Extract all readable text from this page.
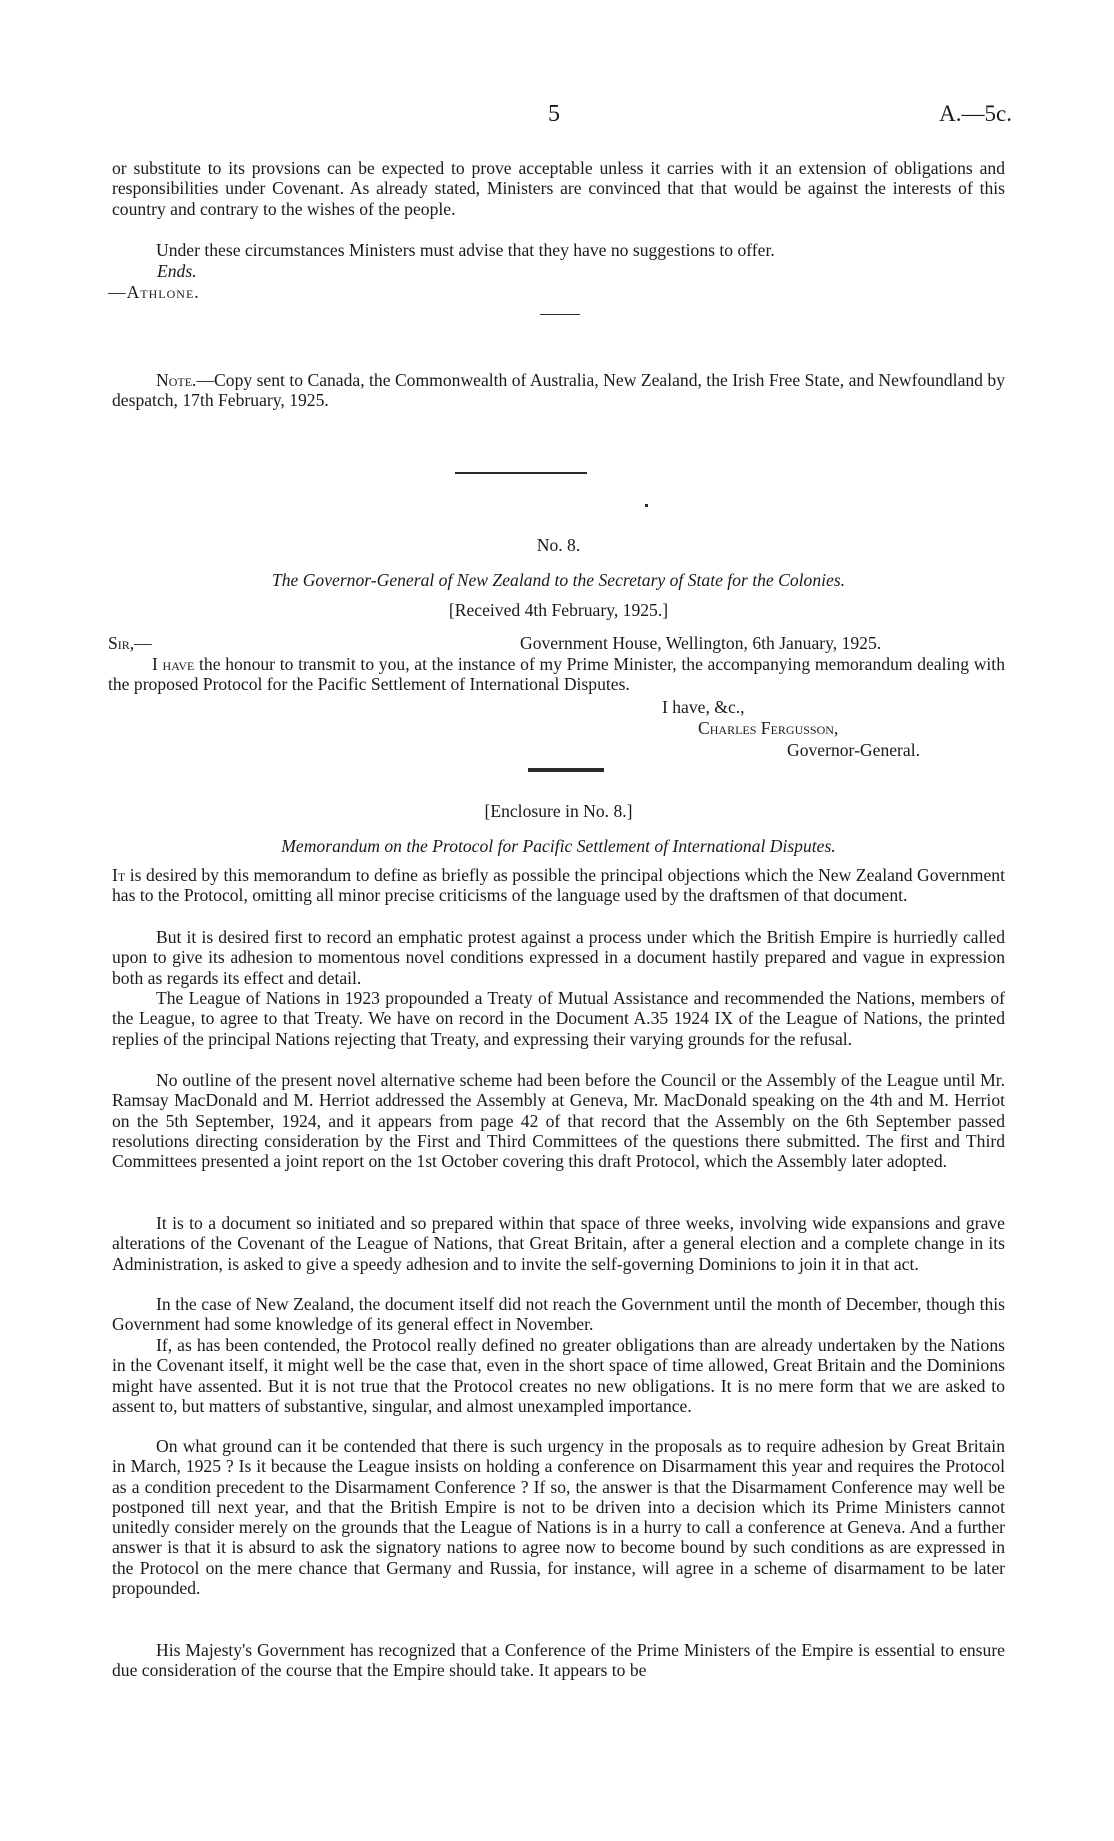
5	A.—5c.

or substitute to its provsions can be expected to prove acceptable unless it carries with it an extension of obligations and responsibilities under Covenant. As already stated, Ministers are convinced that that would be against the interests of this country and contrary to the wishes of the people.

Under these circumstances Ministers must advise that they have no suggestions to offer.

Ends.
—Athlone.

Note.—Copy sent to Canada, the Commonwealth of Australia, New Zealand, the Irish Free State, and Newfoundland by despatch, 17th February, 1925.

No. 8.
The Governor-General of New Zealand to the Secretary of State for the Colonies.
[Received 4th February, 1925.]
Sir,—	Government House, Wellington, 6th January, 1925.

I have the honour to transmit to you, at the instance of my Prime Minister, the accompanying memorandum dealing with the proposed Protocol for the Pacific Settlement of International Disputes.

I have, &c.,
Charles Fergusson,
Governor-General.
[Enclosure in No. 8.]
Memorandum on the Protocol for Pacific Settlement of International Disputes.

It is desired by this memorandum to define as briefly as possible the principal objections which the New Zealand Government has to the Protocol, omitting all minor precise criticisms of the language used by the draftsmen of that document.

But it is desired first to record an emphatic protest against a process under which the British Empire is hurriedly called upon to give its adhesion to momentous novel conditions expressed in a document hastily prepared and vague in expression both as regards its effect and detail.

The League of Nations in 1923 propounded a Treaty of Mutual Assistance and recommended the Nations, members of the League, to agree to that Treaty. We have on record in the Document A.35 1924 IX of the League of Nations, the printed replies of the principal Nations rejecting that Treaty, and expressing their varying grounds for the refusal.

No outline of the present novel alternative scheme had been before the Council or the Assembly of the League until Mr. Ramsay MacDonald and M. Herriot addressed the Assembly at Geneva, Mr. MacDonald speaking on the 4th and M. Herriot on the 5th September, 1924, and it appears from page 42 of that record that the Assembly on the 6th September passed resolutions directing consideration by the First and Third Committees of the questions there submitted. The first and Third Committees presented a joint report on the 1st October covering this draft Protocol, which the Assembly later adopted.

It is to a document so initiated and so prepared within that space of three weeks, involving wide expansions and grave alterations of the Covenant of the League of Nations, that Great Britain, after a general election and a complete change in its Administration, is asked to give a speedy adhesion and to invite the self-governing Dominions to join it in that act.

In the case of New Zealand, the document itself did not reach the Government until the month of December, though this Government had some knowledge of its general effect in November.

If, as has been contended, the Protocol really defined no greater obligations than are already undertaken by the Nations in the Covenant itself, it might well be the case that, even in the short space of time allowed, Great Britain and the Dominions might have assented. But it is not true that the Protocol creates no new obligations. It is no mere form that we are asked to assent to, but matters of substantive, singular, and almost unexampled importance.

On what ground can it be contended that there is such urgency in the proposals as to require adhesion by Great Britain in March, 1925 ? Is it because the League insists on holding a conference on Disarmament this year and requires the Protocol as a condition precedent to the Disarmament Conference ? If so, the answer is that the Disarmament Conference may well be postponed till next year, and that the British Empire is not to be driven into a decision which its Prime Ministers cannot unitedly consider merely on the grounds that the League of Nations is in a hurry to call a conference at Geneva. And a further answer is that it is absurd to ask the signatory nations to agree now to become bound by such conditions as are expressed in the Protocol on the mere chance that Germany and Russia, for instance, will agree in a scheme of disarmament to be later propounded.

His Majesty's Government has recognized that a Conference of the Prime Ministers of the Empire is essential to ensure due consideration of the course that the Empire should take. It appears to be
